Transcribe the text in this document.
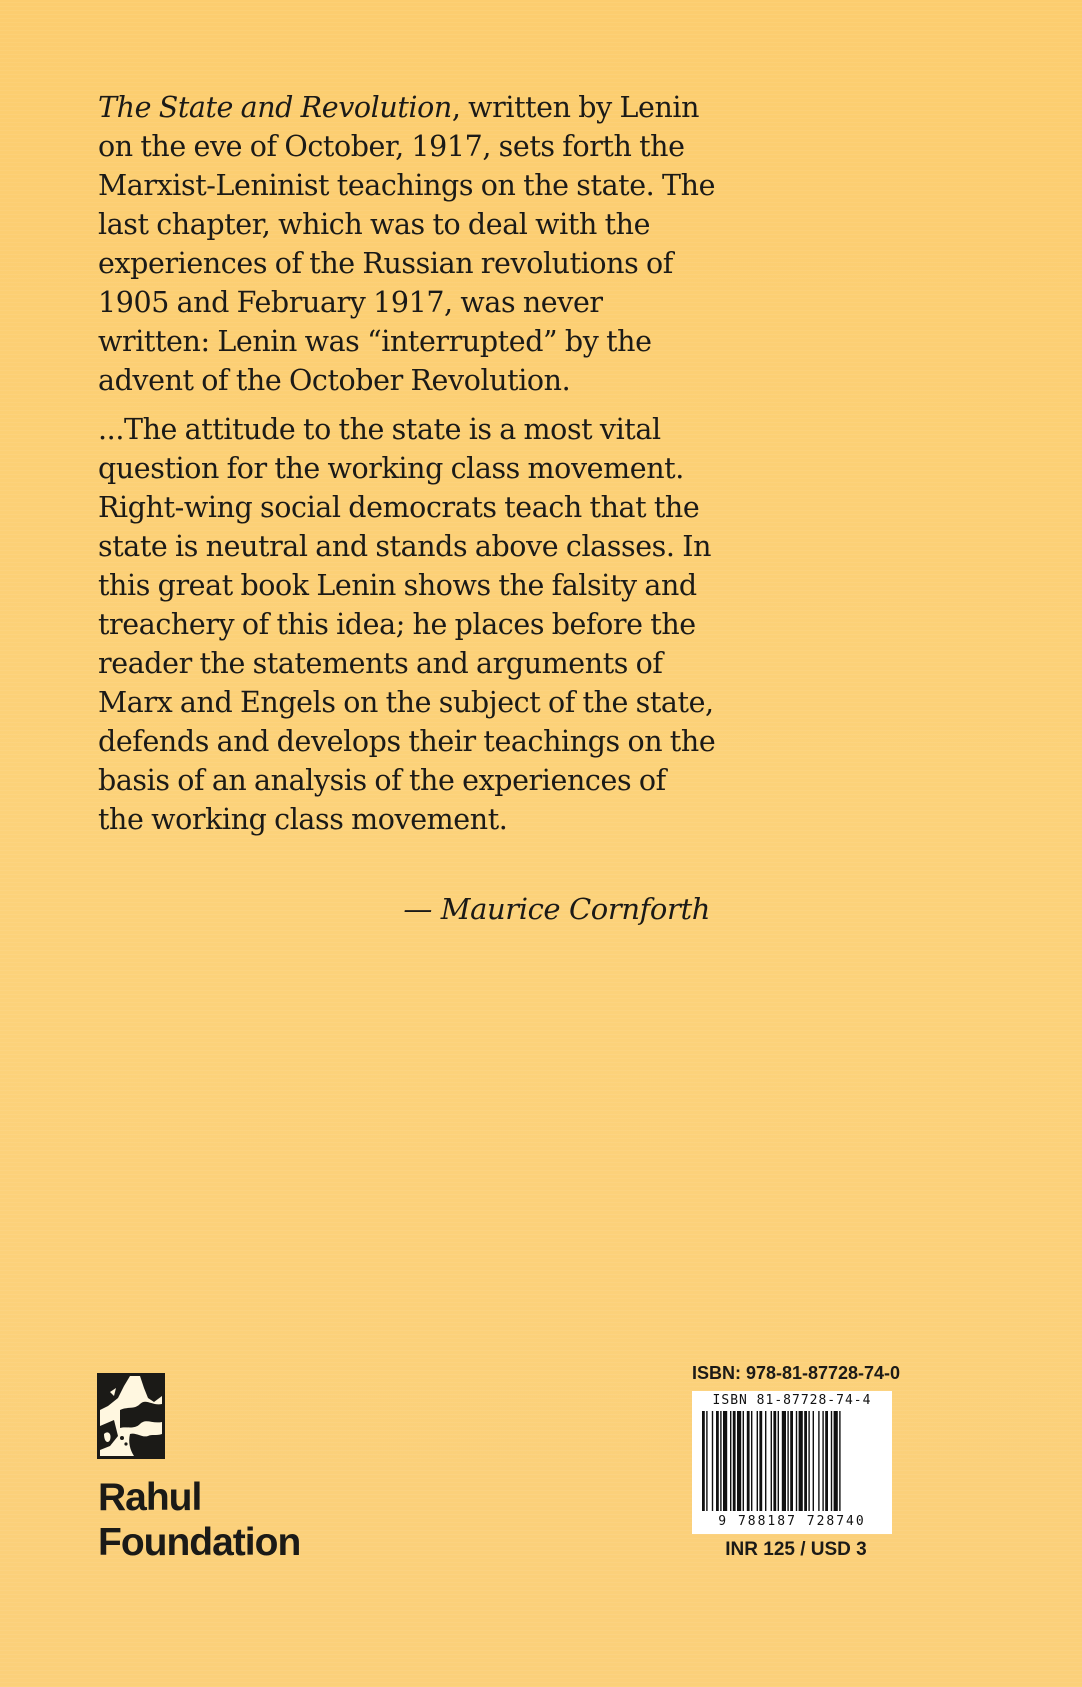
The State and Revolution, written by Lenin on the eve of October, 1917, sets forth the Marxist-Leninist teachings on the state. The last chapter, which was to deal with the experiences of the Russian revolutions of 1905 and February 1917, was never written: Lenin was “interrupted” by the advent of the October Revolution.

...The attitude to the state is a most vital question for the working class movement. Right-wing social democrats teach that the state is neutral and stands above classes. In this great book Lenin shows the falsity and treachery of this idea; he places before the reader the statements and arguments of Marx and Engels on the subject of the state, defends and develops their teachings on the basis of an analysis of the experiences of the working class movement.

— Maurice Cornforth
Rahul
Foundation
ISBN: 978-81-87728-74-0
ISBN 81-87728-74-4
9 788187 728740
INR 125 / USD 3
